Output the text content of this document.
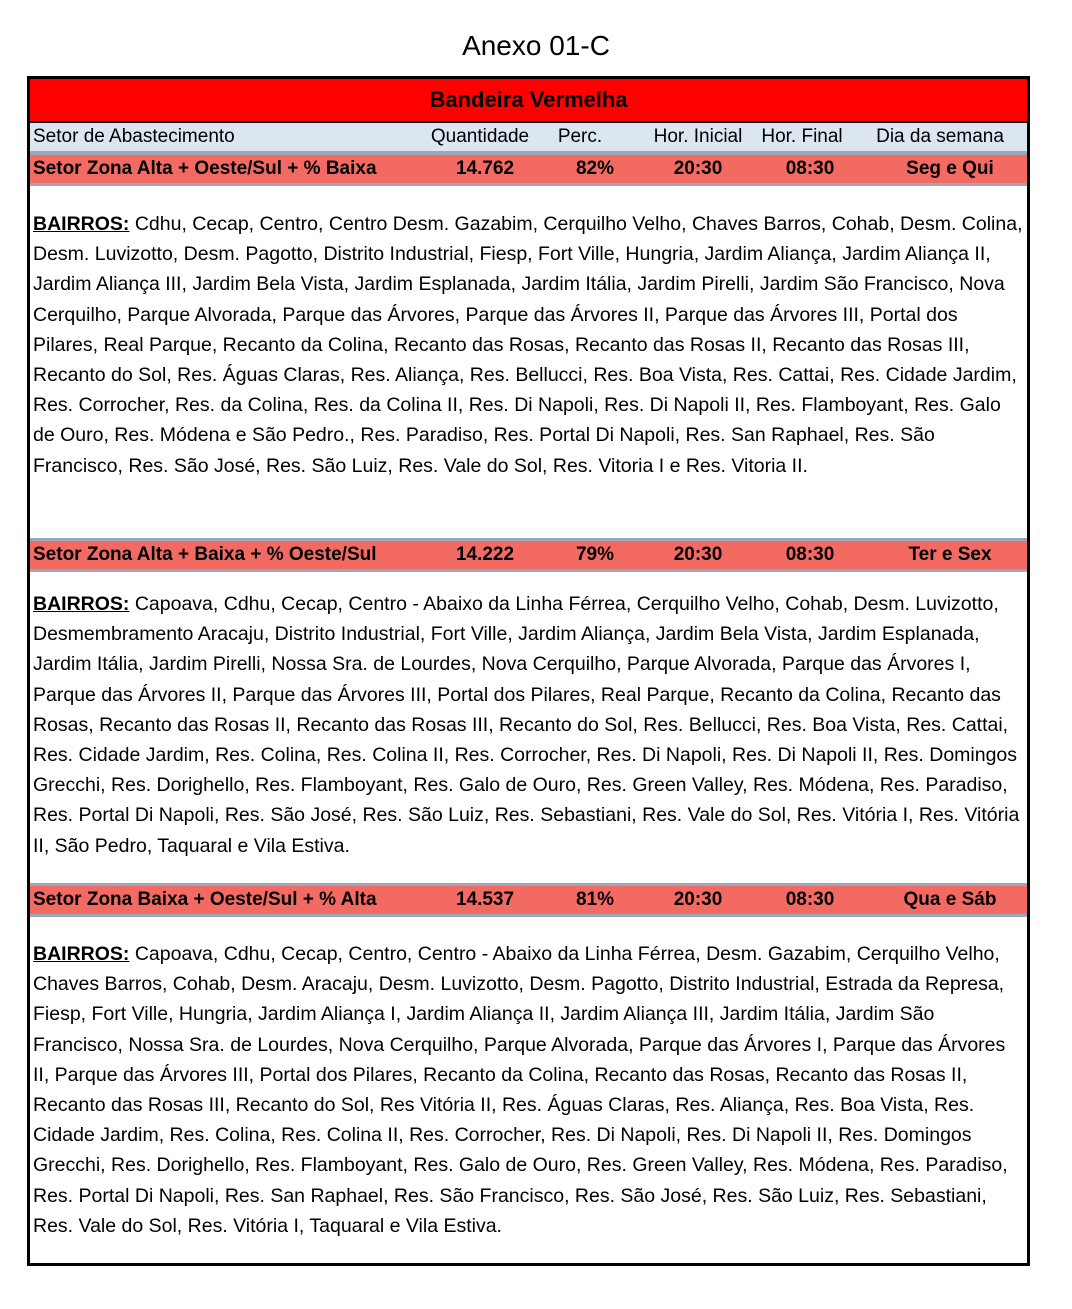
Anexo 01-C
Bandeira Vermelha
Setor de Abastecimento	Quantidade	Perc.	Hor. Inicial	Hor. Final	Dia da semana
Setor Zona Alta + Oeste/Sul + % Baixa	14.762	82%	20:30	08:30	Seg e Qui
BAIRROS: Cdhu, Cecap, Centro, Centro Desm. Gazabim, Cerquilho Velho, Chaves Barros, Cohab, Desm. Colina, Desm. Luvizotto, Desm. Pagotto, Distrito Industrial, Fiesp, Fort Ville, Hungria, Jardim Aliança, Jardim Aliança II, Jardim Aliança III, Jardim Bela Vista, Jardim Esplanada, Jardim Itália, Jardim Pirelli, Jardim São Francisco, Nova Cerquilho, Parque Alvorada, Parque das Árvores, Parque das Árvores II, Parque das Árvores III, Portal dos Pilares, Real Parque, Recanto da Colina, Recanto das Rosas, Recanto das Rosas II, Recanto das Rosas III, Recanto do Sol, Res. Águas Claras, Res. Aliança, Res. Bellucci, Res. Boa Vista, Res. Cattai, Res. Cidade Jardim, Res. Corrocher, Res. da Colina, Res. da Colina II, Res. Di Napoli, Res. Di Napoli II, Res. Flamboyant, Res. Galo de Ouro, Res. Módena e São Pedro., Res. Paradiso, Res. Portal Di Napoli, Res. San Raphael, Res. São Francisco, Res. São José, Res. São Luiz, Res. Vale do Sol, Res. Vitoria I e Res. Vitoria II.
Setor Zona Alta + Baixa + % Oeste/Sul	14.222	79%	20:30	08:30	Ter e Sex
BAIRROS: Capoava, Cdhu, Cecap, Centro - Abaixo da Linha Férrea, Cerquilho Velho, Cohab, Desm. Luvizotto, Desmembramento Aracaju, Distrito Industrial, Fort Ville, Jardim Aliança, Jardim Bela Vista, Jardim Esplanada, Jardim Itália, Jardim Pirelli, Nossa Sra. de Lourdes, Nova Cerquilho, Parque Alvorada, Parque das Árvores I, Parque das Árvores II, Parque das Árvores III, Portal dos Pilares, Real Parque, Recanto da Colina, Recanto das Rosas, Recanto das Rosas II, Recanto das Rosas III, Recanto do Sol, Res. Bellucci, Res. Boa Vista, Res. Cattai, Res. Cidade Jardim, Res. Colina, Res. Colina II, Res. Corrocher, Res. Di Napoli, Res. Di Napoli II, Res. Domingos Grecchi, Res. Dorighello, Res. Flamboyant, Res. Galo de Ouro, Res. Green Valley, Res. Módena, Res. Paradiso, Res. Portal Di Napoli, Res. São José, Res. São Luiz, Res. Sebastiani, Res. Vale do Sol, Res. Vitória I, Res. Vitória II, São Pedro, Taquaral e Vila Estiva.
Setor Zona Baixa + Oeste/Sul + % Alta	14.537	81%	20:30	08:30	Qua e Sáb
BAIRROS: Capoava, Cdhu, Cecap, Centro, Centro - Abaixo da Linha Férrea, Desm. Gazabim, Cerquilho Velho, Chaves Barros, Cohab, Desm. Aracaju, Desm. Luvizotto, Desm. Pagotto, Distrito Industrial, Estrada da Represa, Fiesp, Fort Ville, Hungria, Jardim Aliança I, Jardim Aliança II, Jardim Aliança III, Jardim Itália, Jardim São Francisco, Nossa Sra. de Lourdes, Nova Cerquilho, Parque Alvorada, Parque das Árvores I, Parque das Árvores II, Parque das Árvores III, Portal dos Pilares, Recanto da Colina, Recanto das Rosas, Recanto das Rosas II, Recanto das Rosas III, Recanto do Sol, Res Vitória II, Res. Águas Claras, Res. Aliança, Res. Boa Vista, Res. Cidade Jardim, Res. Colina, Res. Colina II, Res. Corrocher, Res. Di Napoli, Res. Di Napoli II, Res. Domingos Grecchi, Res. Dorighello, Res. Flamboyant, Res. Galo de Ouro, Res. Green Valley, Res. Módena, Res. Paradiso, Res. Portal Di Napoli, Res. San Raphael, Res. São Francisco, Res. São José, Res. São Luiz, Res. Sebastiani, Res. Vale do Sol, Res. Vitória I, Taquaral e Vila Estiva.
